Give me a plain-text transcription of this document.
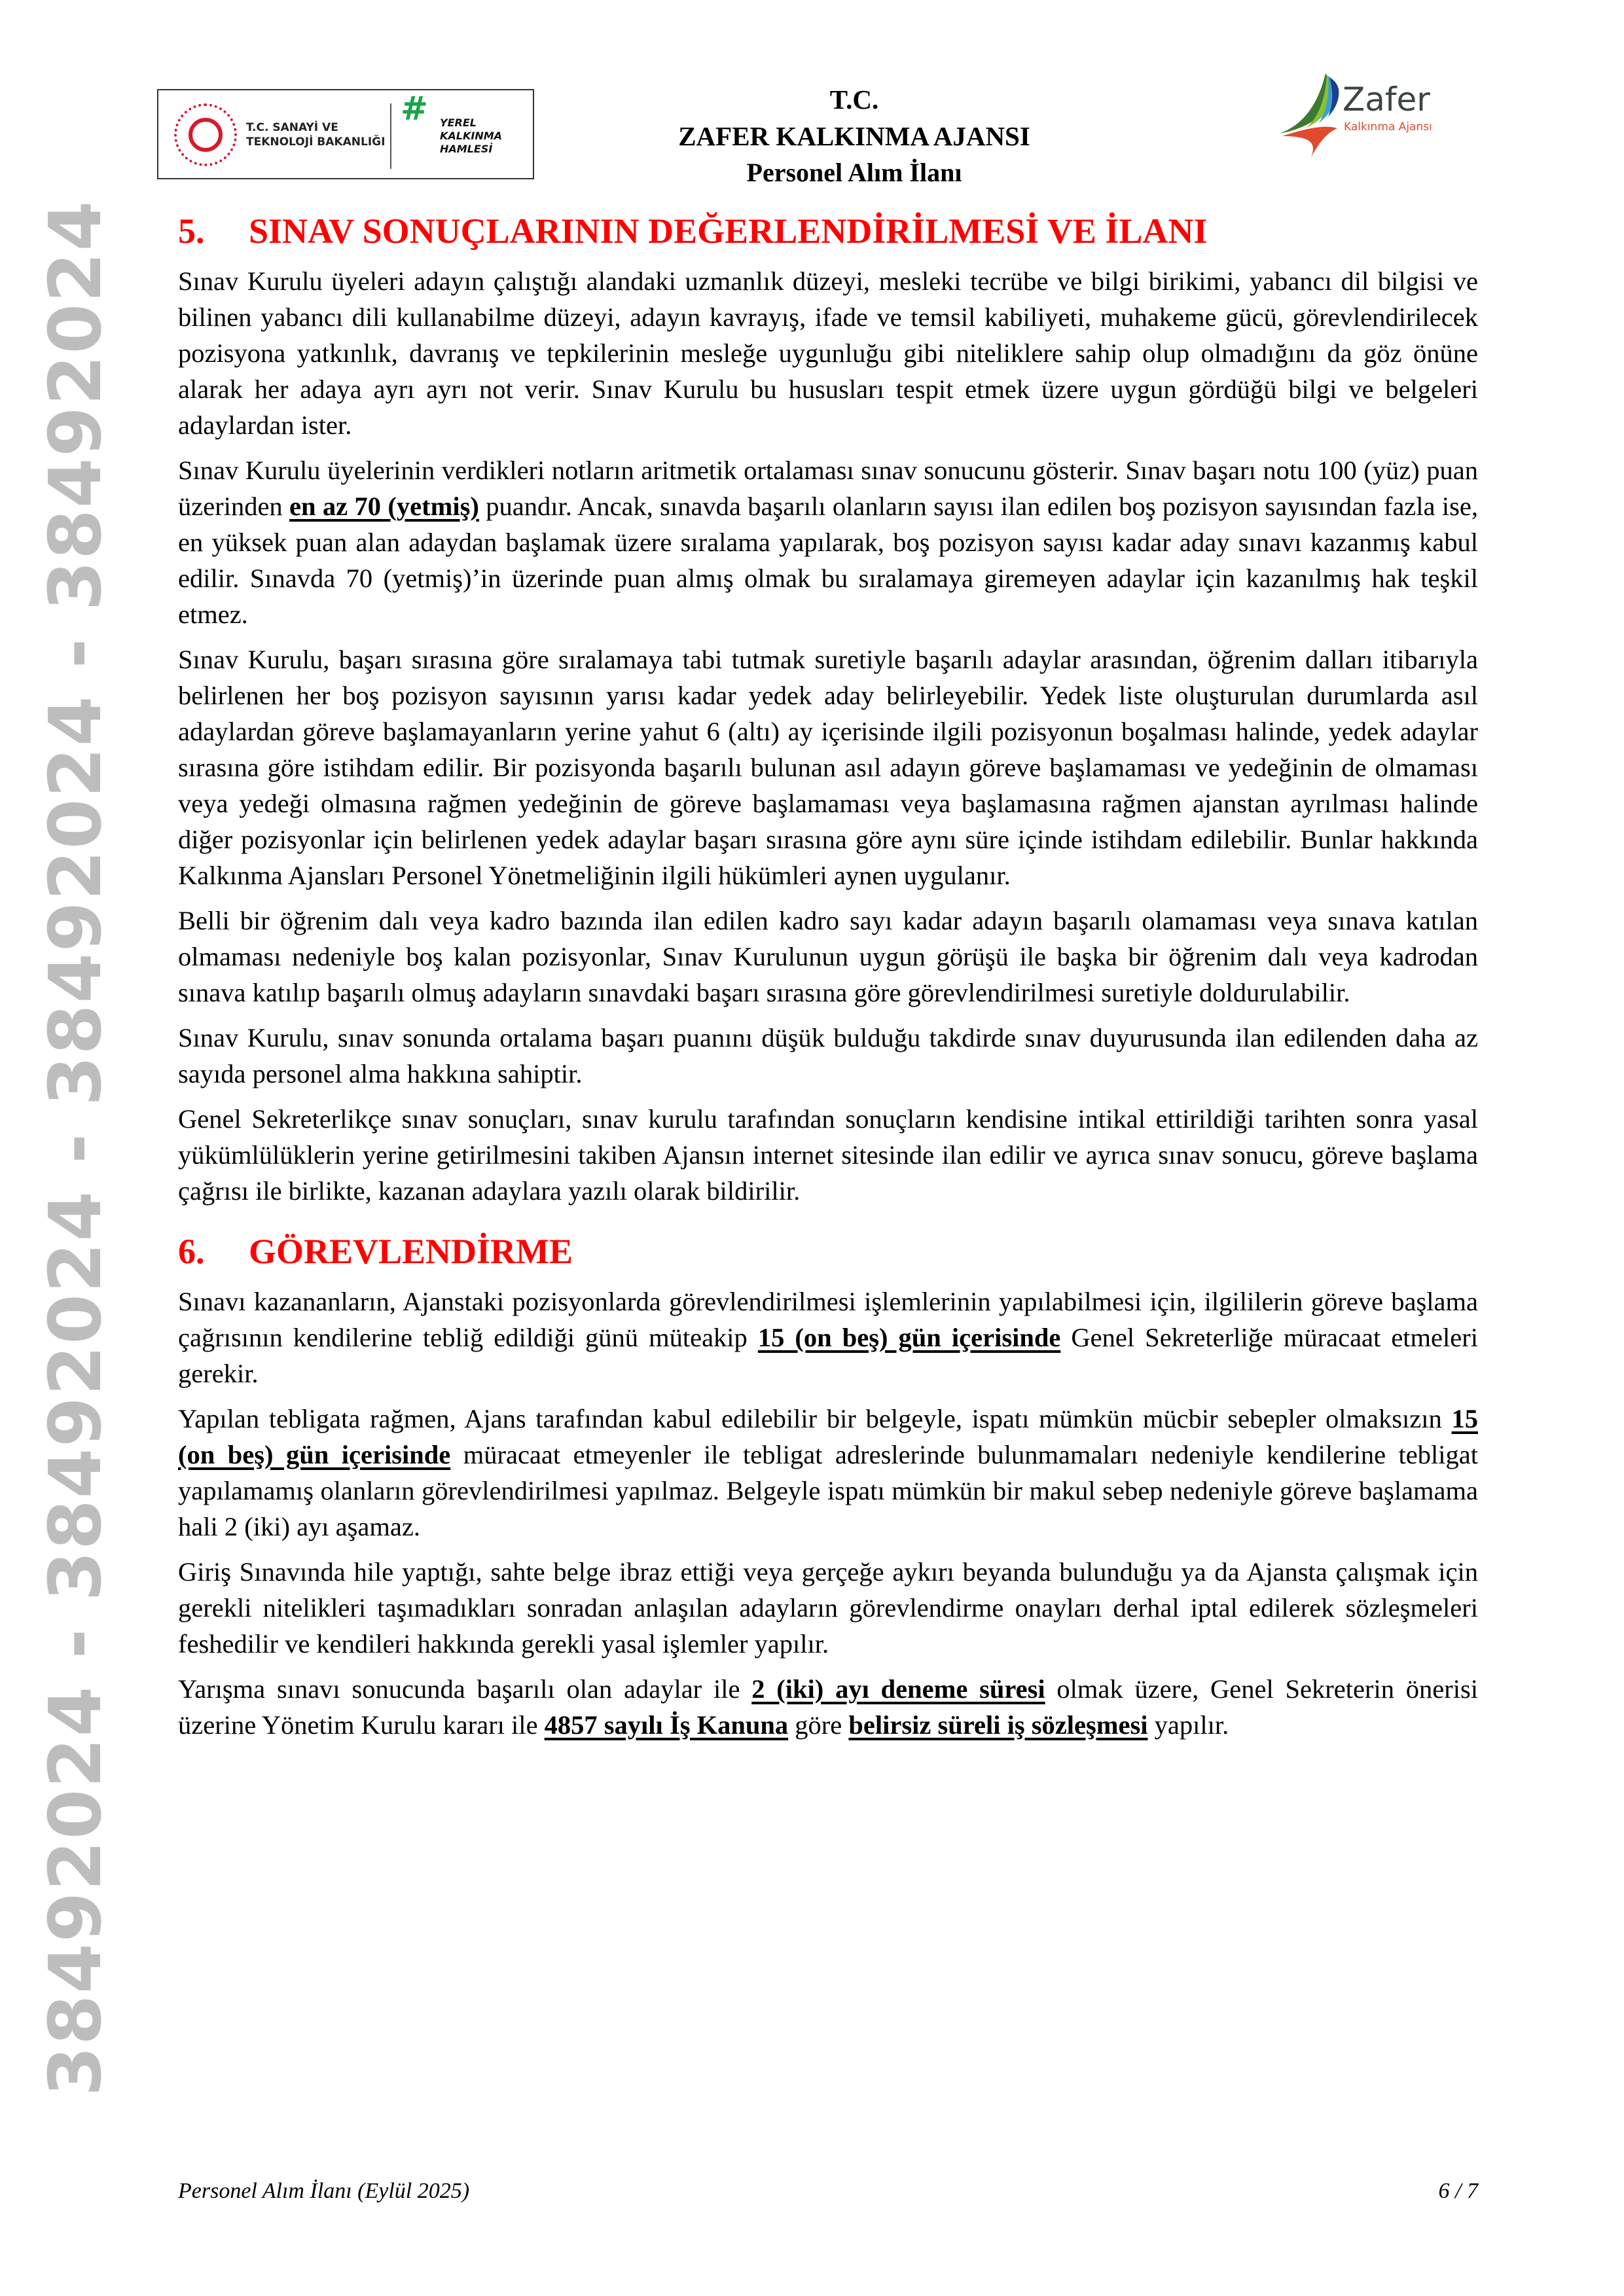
38492024 - 38492024 - 38492024 - 38492024
T.C. SANAYİ VE
TEKNOLOJİ BAKANLIĞI
#	YEREL
KALKINMA
HAMLESİ
T.C.
ZAFER KALKINMA AJANSI
Personel Alım İlanı
Zafer
Kalkınma Ajansı
5.	SINAV SONUÇLARININ DEĞERLENDİRİLMESİ VE İLANI

Sınav Kurulu üyeleri adayın çalıştığı alandaki uzmanlık düzeyi, mesleki tecrübe ve bilgi birikimi, yabancı dil bilgisi ve bilinen yabancı dili kullanabilme düzeyi, adayın kavrayış, ifade ve temsil kabiliyeti, muhakeme gücü, görevlendirilecek pozisyona yatkınlık, davranış ve tepkilerinin mesleğe uygunluğu gibi niteliklere sahip olup olmadığını da göz önüne alarak her adaya ayrı ayrı not verir. Sınav Kurulu bu hususları tespit etmek üzere uygun gördüğü bilgi ve belgeleri adaylardan ister.

Sınav Kurulu üyelerinin verdikleri notların aritmetik ortalaması sınav sonucunu gösterir. Sınav başarı notu 100 (yüz) puan üzerinden en az 70 (yetmiş) puandır. Ancak, sınavda başarılı olanların sayısı ilan edilen boş pozisyon sayısından fazla ise, en yüksek puan alan adaydan başlamak üzere sıralama yapılarak, boş pozisyon sayısı kadar aday sınavı kazanmış kabul edilir. Sınavda 70 (yetmiş)’in üzerinde puan almış olmak bu sıralamaya giremeyen adaylar için kazanılmış hak teşkil etmez.

Sınav Kurulu, başarı sırasına göre sıralamaya tabi tutmak suretiyle başarılı adaylar arasından, öğrenim dalları itibarıyla belirlenen her boş pozisyon sayısının yarısı kadar yedek aday belirleyebilir. Yedek liste oluşturulan durumlarda asıl adaylardan göreve başlamayanların yerine yahut 6 (altı) ay içerisinde ilgili pozisyonun boşalması halinde, yedek adaylar sırasına göre istihdam edilir. Bir pozisyonda başarılı bulunan asıl adayın göreve başlamaması ve yedeğinin de olmaması veya yedeği olmasına rağmen yedeğinin de göreve başlamaması veya başlamasına rağmen ajanstan ayrılması halinde diğer pozisyonlar için belirlenen yedek adaylar başarı sırasına göre aynı süre içinde istihdam edilebilir. Bunlar hakkında Kalkınma Ajansları Personel Yönetmeliğinin ilgili hükümleri aynen uygulanır.

Belli bir öğrenim dalı veya kadro bazında ilan edilen kadro sayı kadar adayın başarılı olamaması veya sınava katılan olmaması nedeniyle boş kalan pozisyonlar, Sınav Kurulunun uygun görüşü ile başka bir öğrenim dalı veya kadrodan sınava katılıp başarılı olmuş adayların sınavdaki başarı sırasına göre görevlendirilmesi suretiyle doldurulabilir.

Sınav Kurulu, sınav sonunda ortalama başarı puanını düşük bulduğu takdirde sınav duyurusunda ilan edilenden daha az sayıda personel alma hakkına sahiptir.

Genel Sekreterlikçe sınav sonuçları, sınav kurulu tarafından sonuçların kendisine intikal ettirildiği tarihten sonra yasal yükümlülüklerin yerine getirilmesini takiben Ajansın internet sitesinde ilan edilir ve ayrıca sınav sonucu, göreve başlama çağrısı ile birlikte, kazanan adaylara yazılı olarak bildirilir.

6.	GÖREVLENDİRME

Sınavı kazananların, Ajanstaki pozisyonlarda görevlendirilmesi işlemlerinin yapılabilmesi için, ilgililerin göreve başlama çağrısının kendilerine tebliğ edildiği günü müteakip 15 (on beş) gün içerisinde Genel Sekreterliğe müracaat etmeleri gerekir.

Yapılan tebligata rağmen, Ajans tarafından kabul edilebilir bir belgeyle, ispatı mümkün mücbir sebepler olmaksızın 15 (on beş) gün içerisinde müracaat etmeyenler ile tebligat adreslerinde bulunmamaları nedeniyle kendilerine tebligat yapılamamış olanların görevlendirilmesi yapılmaz. Belgeyle ispatı mümkün bir makul sebep nedeniyle göreve başlamama hali 2 (iki) ayı aşamaz.

Giriş Sınavında hile yaptığı, sahte belge ibraz ettiği veya gerçeğe aykırı beyanda bulunduğu ya da Ajansta çalışmak için gerekli nitelikleri taşımadıkları sonradan anlaşılan adayların görevlendirme onayları derhal iptal edilerek sözleşmeleri feshedilir ve kendileri hakkında gerekli yasal işlemler yapılır.

Yarışma sınavı sonucunda başarılı olan adaylar ile 2 (iki) ayı deneme süresi olmak üzere, Genel Sekreterin önerisi üzerine Yönetim Kurulu kararı ile 4857 sayılı İş Kanuna göre belirsiz süreli iş sözleşmesi yapılır.

Personel Alım İlanı (Eylül 2025)	6 / 7
